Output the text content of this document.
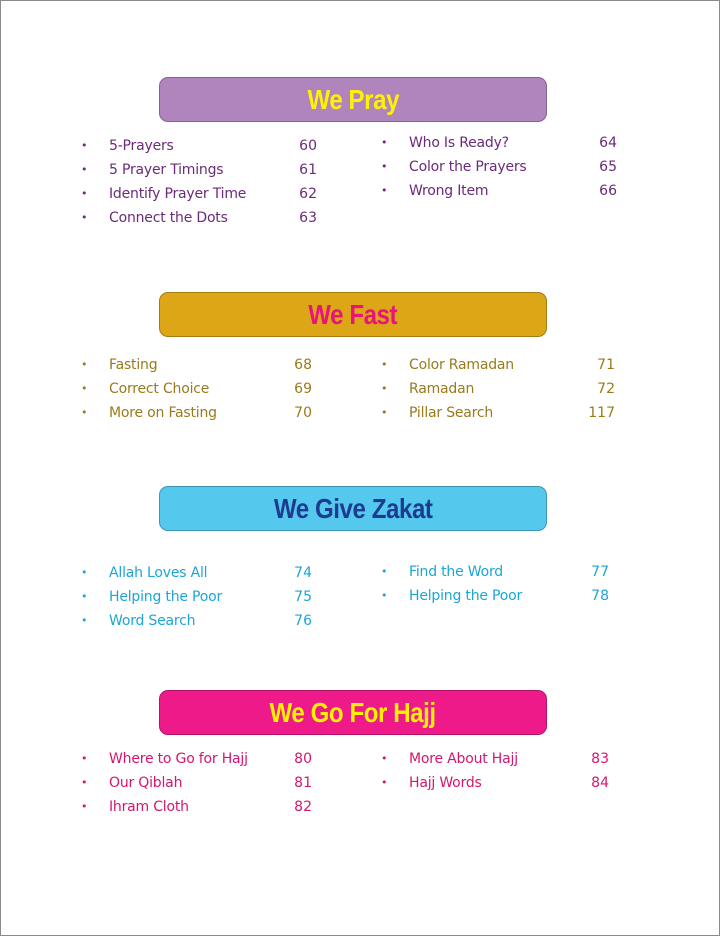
We Pray
• 5-Prayers	60
• 5 Prayer Timings	61
• Identify Prayer Time	62
• Connect the Dots	63
• Who Is Ready?	64
• Color the Prayers	65
• Wrong Item	66
We Fast
• Fasting	68
• Correct Choice	69
• More on Fasting	70
• Color Ramadan	71
• Ramadan	72
• Pillar Search	117
We Give Zakat
• Allah Loves All	74
• Helping the Poor	75
• Word Search	76
• Find the Word	77
• Helping the Poor	78
We Go For Hajj
• Where to Go for Hajj	80
• Our Qiblah	81
• Ihram Cloth	82
• More About Hajj	83
• Hajj Words	84
